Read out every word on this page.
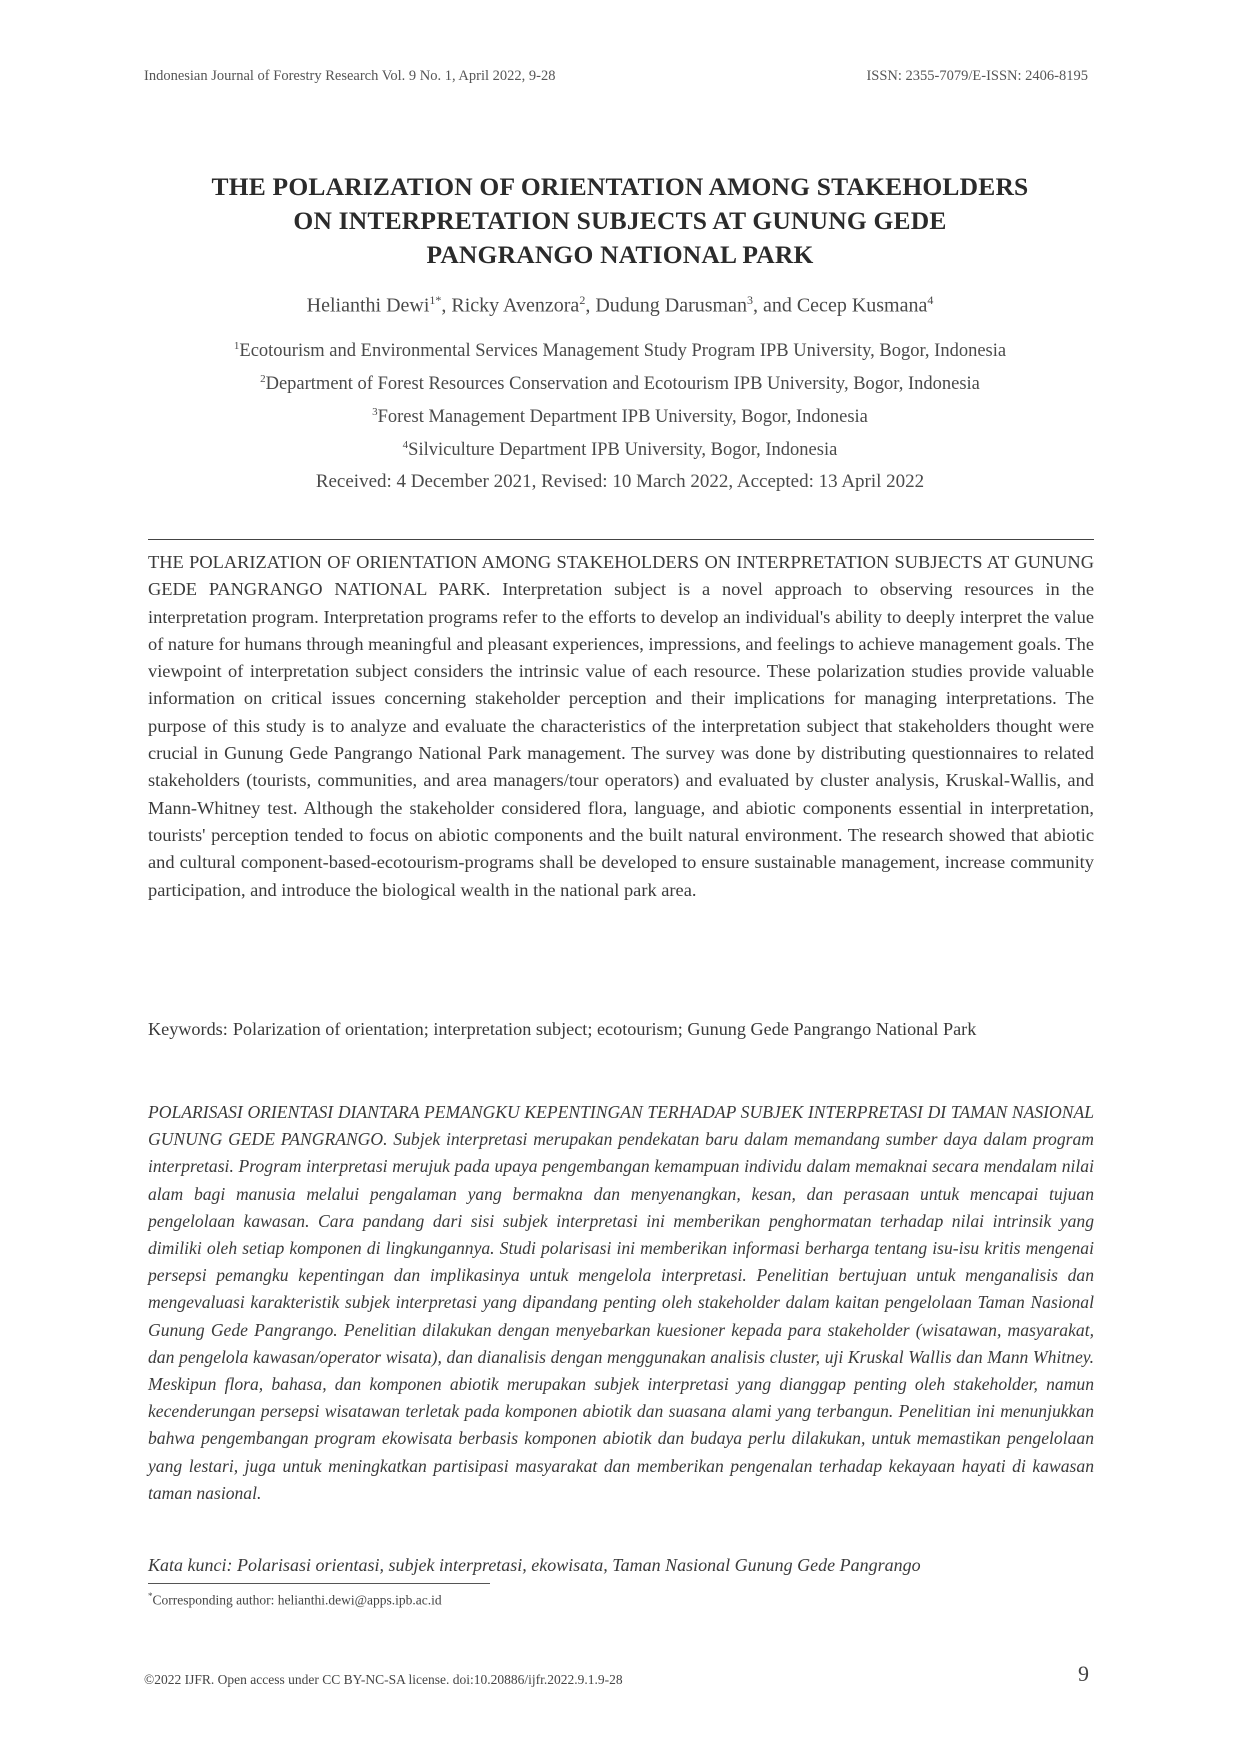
Indonesian Journal of Forestry Research Vol. 9 No. 1, April 2022, 9-28	ISSN: 2355-7079/E-ISSN: 2406-8195
THE POLARIZATION OF ORIENTATION AMONG STAKEHOLDERS
ON INTERPRETATION SUBJECTS AT GUNUNG GEDE
PANGRANGO NATIONAL PARK
Helianthi Dewi$^{1*}$, Ricky Avenzora$^2$, Dudung Darusman$^3$, and Cecep Kusmana$^4$
$^1$Ecotourism and Environmental Services Management Study Program IPB University, Bogor, Indonesia
$^2$Department of Forest Resources Conservation and Ecotourism IPB University, Bogor, Indonesia
$^3$Forest Management Department IPB University, Bogor, Indonesia
$^4$Silviculture Department IPB University, Bogor, Indonesia
Received: 4 December 2021, Revised: 10 March 2022, Accepted: 13 April 2022

THE POLARIZATION OF ORIENTATION AMONG STAKEHOLDERS ON INTERPRETATION SUBJECTS AT GUNUNG GEDE PANGRANGO NATIONAL PARK. Interpretation subject is a novel approach to observing resources in the interpretation program. Interpretation programs refer to the efforts to develop an individual's ability to deeply interpret the value of nature for humans through meaningful and pleasant experiences, impressions, and feelings to achieve management goals. The viewpoint of interpretation subject considers the intrinsic value of each resource. These polarization studies provide valuable information on critical issues concerning stakeholder perception and their implications for managing interpretations. The purpose of this study is to analyze and evaluate the characteristics of the interpretation subject that stakeholders thought were crucial in Gunung Gede Pangrango National Park management. The survey was done by distributing questionnaires to related stakeholders (tourists, communities, and area managers/tour operators) and evaluated by cluster analysis, Kruskal-Wallis, and Mann-Whitney test. Although the stakeholder considered flora, language, and abiotic components essential in interpretation, tourists' perception tended to focus on abiotic components and the built natural environment. The research showed that abiotic and cultural component-based-ecotourism-programs shall be developed to ensure sustainable management, increase community participation, and introduce the biological wealth in the national park area.

Keywords: Polarization of orientation; interpretation subject; ecotourism; Gunung Gede Pangrango National Park

POLARISASI ORIENTASI DIANTARA PEMANGKU KEPENTINGAN TERHADAP SUBJEK INTERPRETASI DI TAMAN NASIONAL GUNUNG GEDE PANGRANGO. Subjek interpretasi merupakan pendekatan baru dalam memandang sumber daya dalam program interpretasi. Program interpretasi merujuk pada upaya pengembangan kemampuan individu dalam memaknai secara mendalam nilai alam bagi manusia melalui pengalaman yang bermakna dan menyenangkan, kesan, dan perasaan untuk mencapai tujuan pengelolaan kawasan. Cara pandang dari sisi subjek interpretasi ini memberikan penghormatan terhadap nilai intrinsik yang dimiliki oleh setiap komponen di lingkungannya. Studi polarisasi ini memberikan informasi berharga tentang isu-isu kritis mengenai persepsi pemangku kepentingan dan implikasinya untuk mengelola interpretasi. Penelitian bertujuan untuk menganalisis dan mengevaluasi karakteristik subjek interpretasi yang dipandang penting oleh stakeholder dalam kaitan pengelolaan Taman Nasional Gunung Gede Pangrango. Penelitian dilakukan dengan menyebarkan kuesioner kepada para stakeholder (wisatawan, masyarakat, dan pengelola kawasan/operator wisata), dan dianalisis dengan menggunakan analisis cluster, uji Kruskal Wallis dan Mann Whitney. Meskipun flora, bahasa, dan komponen abiotik merupakan subjek interpretasi yang dianggap penting oleh stakeholder, namun kecenderungan persepsi wisatawan terletak pada komponen abiotik dan suasana alami yang terbangun. Penelitian ini menunjukkan bahwa pengembangan program ekowisata berbasis komponen abiotik dan budaya perlu dilakukan, untuk memastikan pengelolaan yang lestari, juga untuk meningkatkan partisipasi masyarakat dan memberikan pengenalan terhadap kekayaan hayati di kawasan taman nasional.

Kata kunci: Polarisasi orientasi, subjek interpretasi, ekowisata, Taman Nasional Gunung Gede Pangrango
*Corresponding author: helianthi.dewi@apps.ipb.ac.id
©2022 IJFR. Open access under CC BY-NC-SA license. doi:10.20886/ijfr.2022.9.1.9-28	9
